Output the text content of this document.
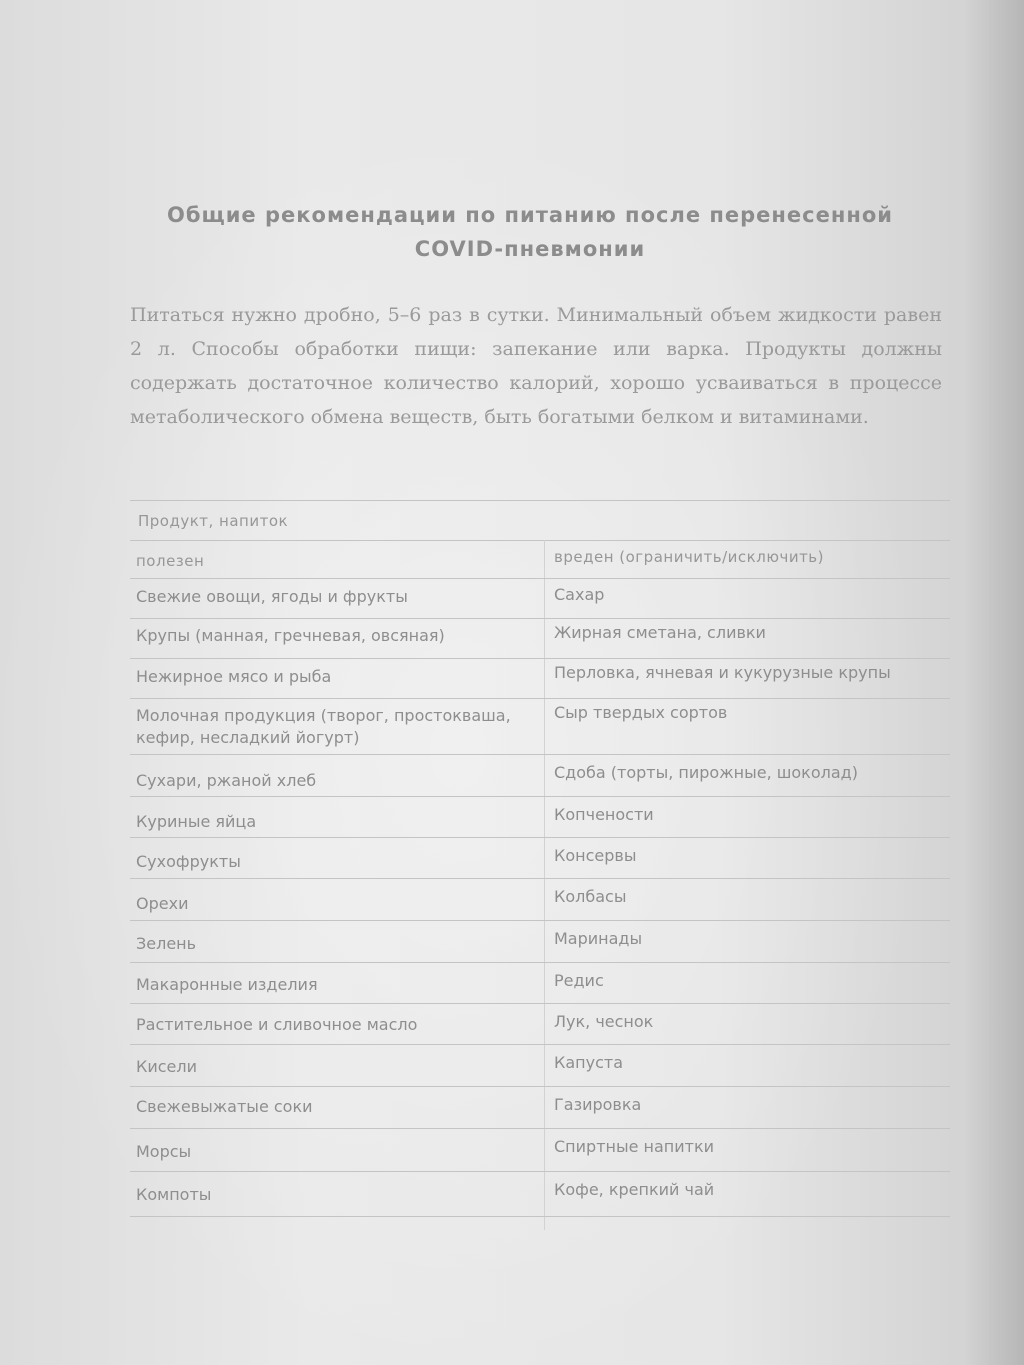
Общие рекомендации по питанию после перенесенной
COVID-пневмонии
Питаться нужно дробно, 5–6 раз в сутки. Минимальный объем жидкости равен 2 л. Способы обработки пищи: запекание или варка. Продукты должны содержать достаточное количество калорий, хорошо усваиваться в процессе метаболического обмена веществ, быть богатыми белком и витаминами.
Продукт, напиток
полезен	вреден (ограничить/исключить)
Свежие овощи, ягоды и фрукты
Крупы (манная, гречневая, овсяная)
Нежирное мясо и рыба
Молочная продукция (творог, простокваша, кефир, несладкий йогурт)
Сухари, ржаной хлеб
Куриные яйца
Сухофрукты
Орехи
Зелень
Макаронные изделия
Растительное и сливочное масло
Кисели
Свежевыжатые соки
Морсы
Компоты
Сахар
Жирная сметана, сливки
Перловка, ячневая и кукурузные крупы
Сыр твердых сортов
Сдоба (торты, пирожные, шоколад)
Копчености
Консервы
Колбасы
Маринады
Редис
Лук, чеснок
Капуста
Газировка
Спиртные напитки
Кофе, крепкий чай
